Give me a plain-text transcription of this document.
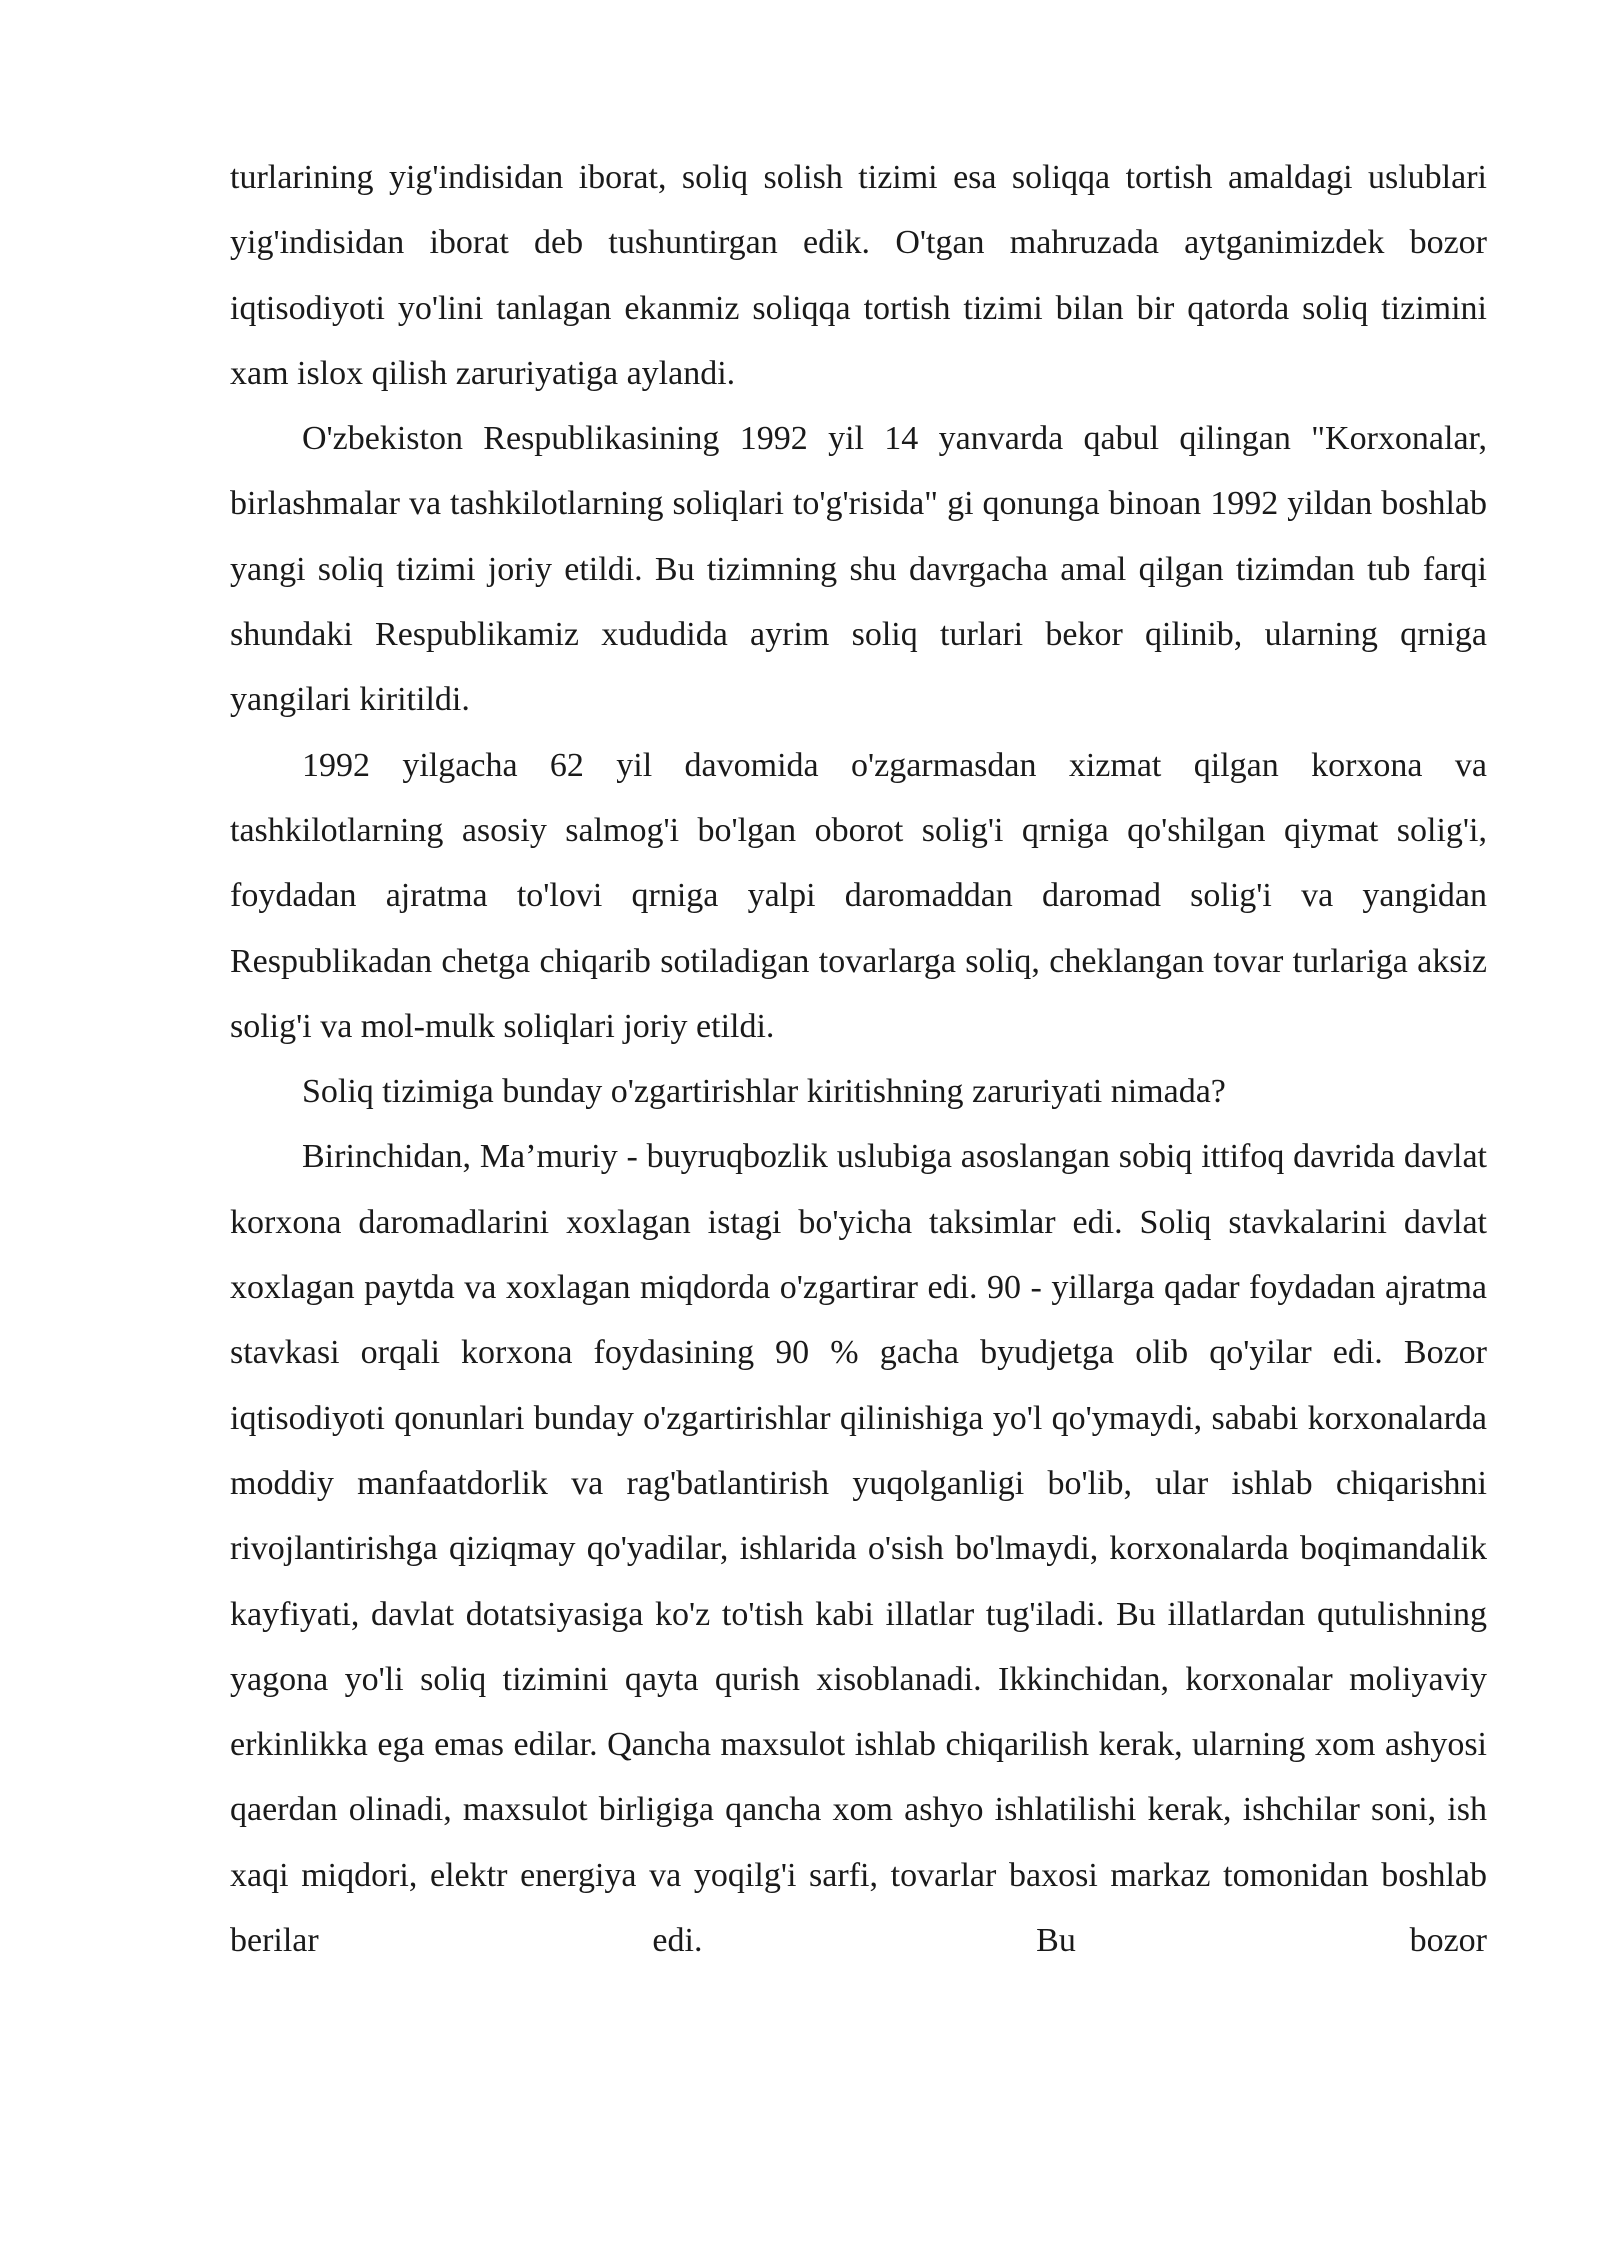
turlarining yig'indisidan iborat, soliq solish tizimi esa soliqqa tortish amaldagi uslublari yig'indisidan iborat deb tushuntirgan edik. O'tgan mahruzada aytganimizdek bozor iqtisodiyoti yo'lini tanlagan ekanmiz soliqqa tortish tizimi bilan bir qatorda soliq tizimini xam islox qilish zaruriyatiga aylandi.

O'zbekiston Respublikasining 1992 yil 14 yanvarda qabul qilingan "Korxonalar, birlashmalar va tashkilotlarning soliqlari to'g'risida" gi qonunga binoan 1992 yildan boshlab yangi soliq tizimi joriy etildi. Bu tizimning shu davrgacha amal qilgan tizimdan tub farqi shundaki Respublikamiz xududida ayrim soliq turlari bekor qilinib, ularning qrniga yangilari kiritildi.

1992 yilgacha 62 yil davomida o'zgarmasdan xizmat qilgan korxona va tashkilotlarning asosiy salmog'i bo'lgan oborot solig'i qrniga qo'shilgan qiymat solig'i, foydadan ajratma to'lovi qrniga yalpi daromaddan daromad solig'i va yangidan Respublikadan chetga chiqarib sotiladigan tovarlarga soliq, cheklangan tovar turlariga aksiz solig'i va mol-mulk soliqlari joriy etildi.

Soliq tizimiga bunday o'zgartirishlar kiritishning zaruriyati nimada?

Birinchidan, Ma’muriy - buyruqbozlik uslubiga asoslangan sobiq ittifoq davrida davlat korxona daromadlarini xoxlagan istagi bo'yicha taksimlar edi. Soliq stavkalarini davlat xoxlagan paytda va xoxlagan miqdorda o'zgartirar edi. 90 - yillarga qadar foydadan ajratma stavkasi orqali korxona foydasining 90 % gacha byudjetga olib qo'yilar edi. Bozor iqtisodiyoti qonunlari bunday o'zgartirishlar qilinishiga yo'l qo'ymaydi, sababi korxonalarda moddiy manfaatdorlik va rag'batlantirish yuqolganligi bo'lib, ular ishlab chiqarishni rivojlantirishga qiziqmay qo'yadilar, ishlarida o'sish bo'lmaydi, korxonalarda boqimandalik kayfiyati, davlat dotatsiyasiga ko'z to'tish kabi illatlar tug'iladi. Bu illatlardan qutulishning yagona yo'li soliq tizimini qayta qurish xisoblanadi. Ikkinchidan, korxonalar moliyaviy erkinlikka ega emas edilar. Qancha maxsulot ishlab chiqarilish kerak, ularning xom ashyosi qaerdan olinadi, maxsulot birligiga qancha xom ashyo ishlatilishi kerak, ishchilar soni, ish xaqi miqdori, elektr energiya va yoqilg'i sarfi, tovarlar baxosi markaz tomonidan boshlab berilar edi. Bu bozor
